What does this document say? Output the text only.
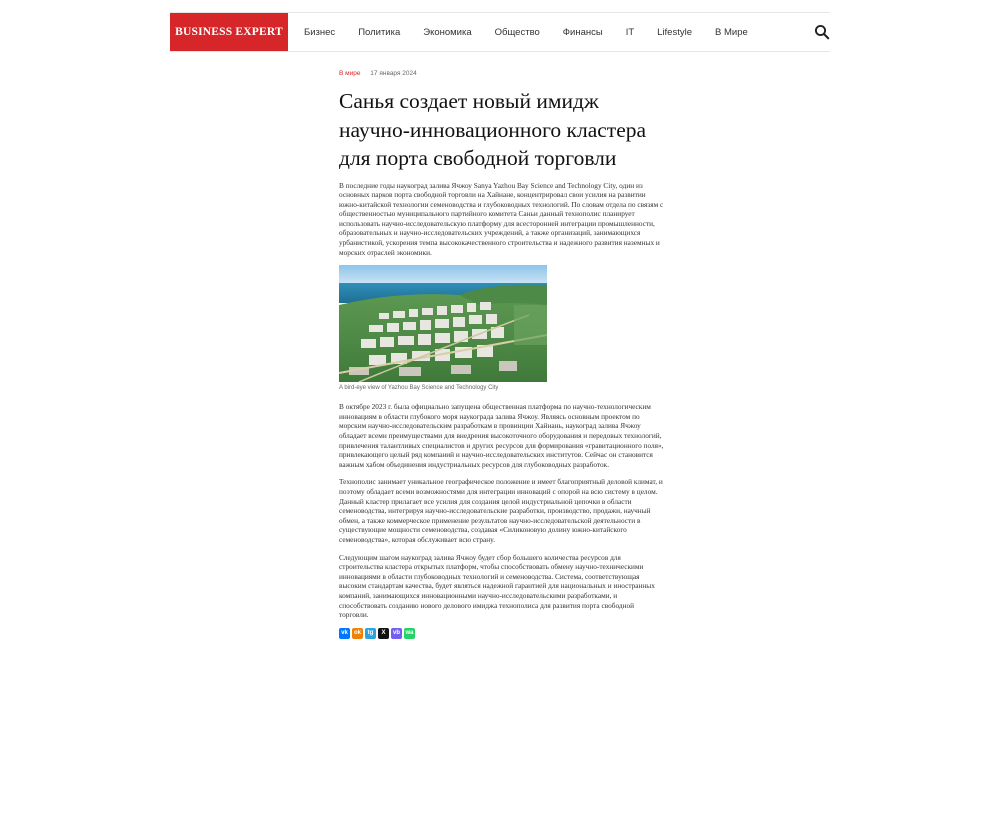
BUSINESS EXPERT	Бизнес Политика Экономика Общество Финансы IT Lifestyle В Мире
В мире 17 января 2024
Санья создает новый имидж научно-инновационного кластера для порта свободной торговли

В последние годы наукоград залива Ячжоу Sanya Yazhou Bay Science and Technology City, один из основных парков порта свободной торговли на Хайнане, концентрировал свои усилия на развитии южно-китайской технологии семеноводства и глубоководных технологий. По словам отдела по связям с общественностью муниципального партийного комитета Саньи данный технополис планирует использовать научно-исследовательскую платформу для всесторонней интеграции промышленности, образовательных и научно-исследовательских учреждений, а также организаций, занимающихся урбанистикой, ускорения темпа высококачественного строительства и надежного развития наземных и морских отраслей экономики.

A bird-eye view of Yazhou Bay Science and Technology City

В октябре 2023 г. была официально запущена общественная платформа по научно-технологическим инновациям в области глубокого моря наукограда залива Ячжоу. Являясь основным проектом по морским научно-исследовательским разработкам в провинции Хайнань, наукоград залива Ячжоу обладает всеми преимуществами для внедрения высокоточного оборудования и передовых технологий, привлечения талантливых специалистов и других ресурсов для формирования «гравитационного поля», привлекающего целый ряд компаний и научно-исследовательских институтов. Сейчас он становится важным хабом объединения индустриальных ресурсов для глубоководных разработок.

Технополис занимает уникальное географическое положение и имеет благоприятный деловой климат, и поэтому обладает всеми возможностями для интеграции инноваций с опорой на всю систему в целом. Данный кластер прилагает все усилия для создания целой индустриальной цепочки в области семеноводства, интегрируя научно-исследовательские разработки, производство, продажи, научный обмен, а также коммерческое применение результатов научно-исследовательской деятельности в существующие мощности семеноводства, создавая «Силиконовую долину южно-китайского семеноводства», которая обслуживает всю страну.

Следующим шагом наукоград залива Ячжоу будет сбор большего количества ресурсов для строительства кластера открытых платформ, чтобы способствовать обмену научно-техническими инновациями в области глубоководных технологий и семеноводства. Система, соответствующая высоким стандартам качества, будет являться надежной гарантией для национальных и иностранных компаний, занимающихся инновационными научно-исследовательскими разработками, и способствовать созданию нового делового имиджа технополиса для развития порта свободной торговли.

vk	ok	tg	X	vb wa
